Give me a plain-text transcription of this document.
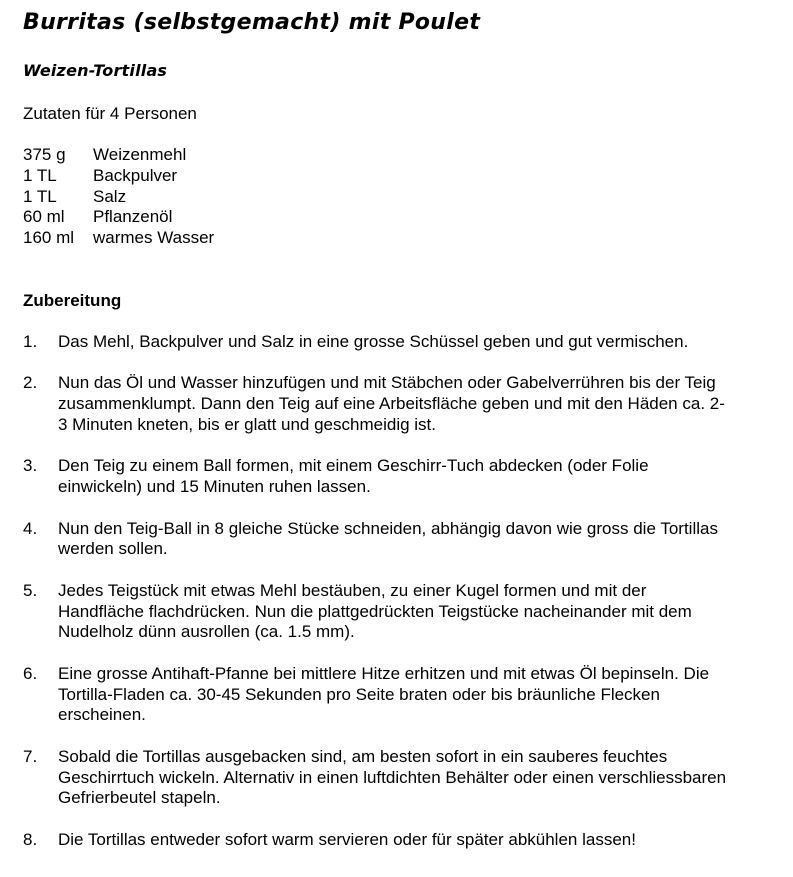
Burritas (selbstgemacht) mit Poulet
Weizen-Tortillas
Zutaten für 4 Personen
375 g	Weizenmehl
1 TL	Backpulver
1 TL	Salz
60 ml	Pflanzenöl
160 ml	warmes Wasser
Zubereitung
1.	Das Mehl, Backpulver und Salz in eine grosse Schüssel geben und gut vermischen.
2.	Nun das Öl und Wasser hinzufügen und mit Stäbchen oder Gabelverrühren bis der Teig
zusammenklumpt. Dann den Teig auf eine Arbeitsfläche geben und mit den Häden ca. 2-
3 Minuten kneten, bis er glatt und geschmeidig ist.
3.	Den Teig zu einem Ball formen, mit einem Geschirr-Tuch abdecken (oder Folie
einwickeln) und 15 Minuten ruhen lassen.
4.	Nun den Teig-Ball in 8 gleiche Stücke schneiden, abhängig davon wie gross die Tortillas
werden sollen.
5.	Jedes Teigstück mit etwas Mehl bestäuben, zu einer Kugel formen und mit der
Handfläche flachdrücken. Nun die plattgedrückten Teigstücke nacheinander mit dem
Nudelholz dünn ausrollen (ca. 1.5 mm).
6.	Eine grosse Antihaft-Pfanne bei mittlere Hitze erhitzen und mit etwas Öl bepinseln. Die
Tortilla-Fladen ca. 30-45 Sekunden pro Seite braten oder bis bräunliche Flecken
erscheinen.
7.	Sobald die Tortillas ausgebacken sind, am besten sofort in ein sauberes feuchtes
Geschirrtuch wickeln. Alternativ in einen luftdichten Behälter oder einen verschliessbaren
Gefrierbeutel stapeln.
8.	Die Tortillas entweder sofort warm servieren oder für später abkühlen lassen!
